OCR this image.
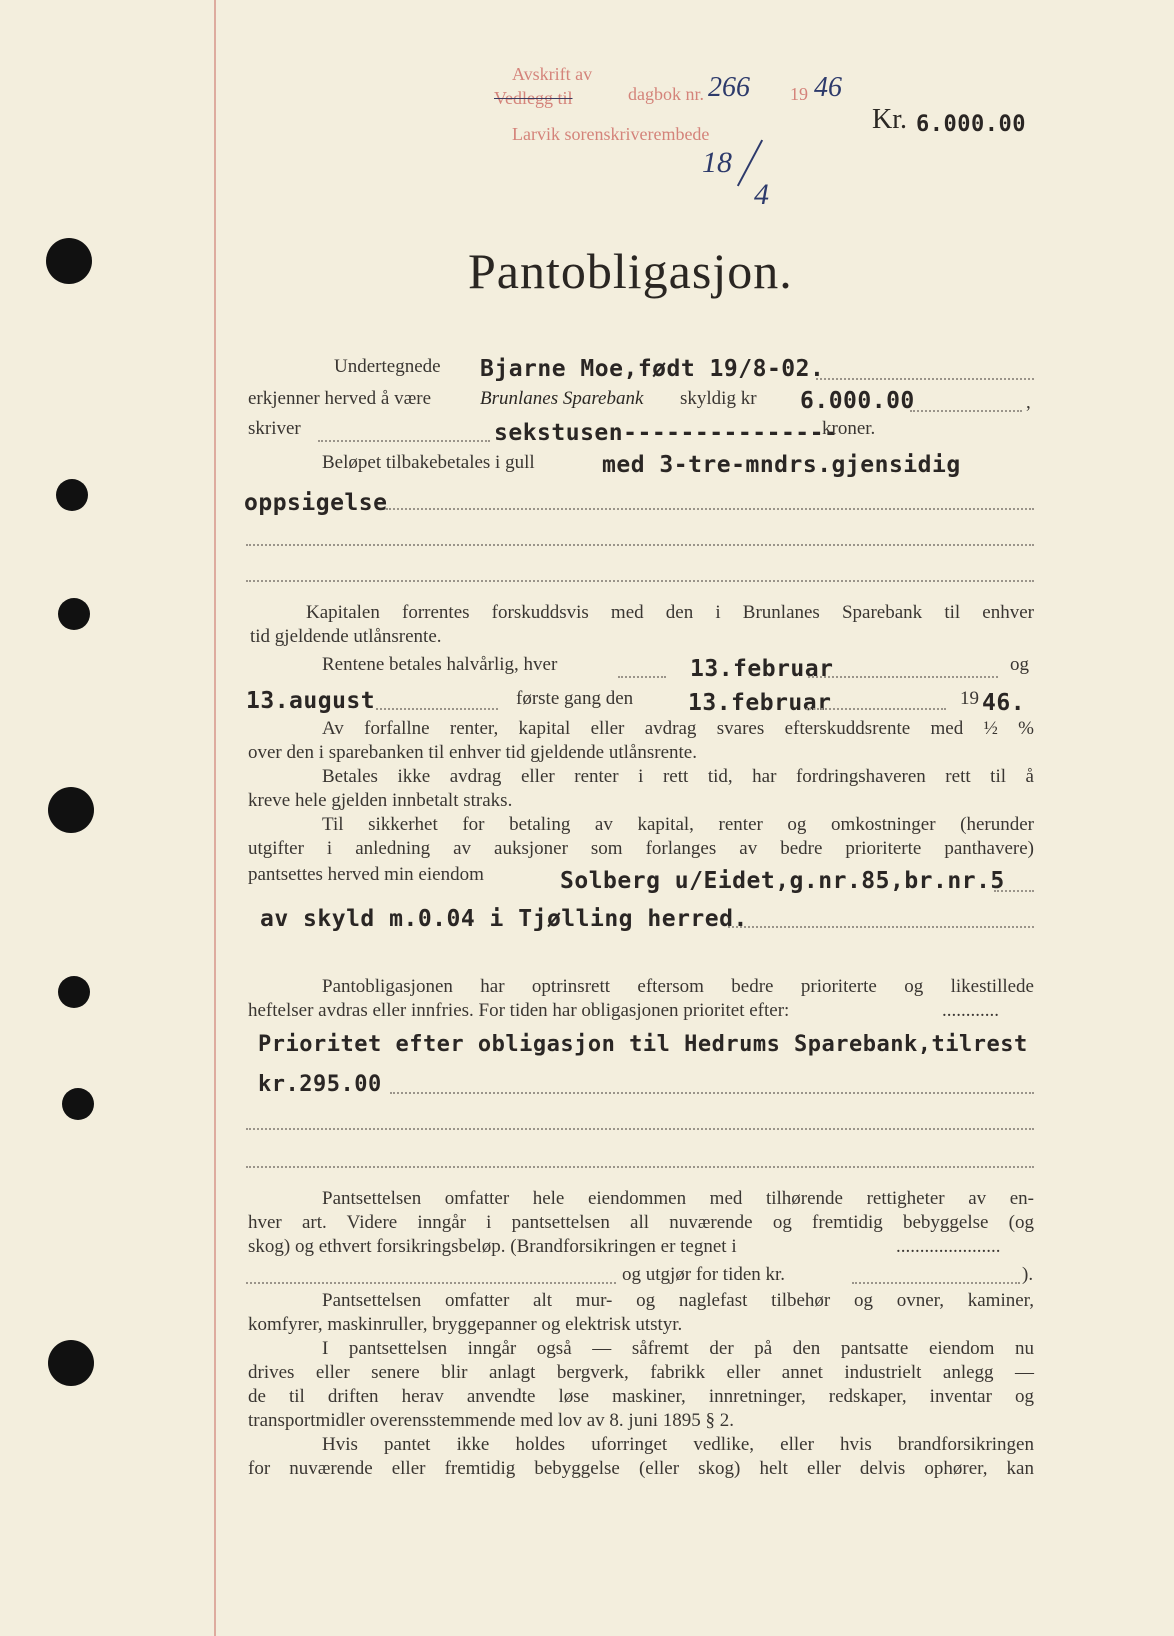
Avskrift av
dagbok nr.
Vedlegg til
Larvik sorenskriverembede
266 19 46
Kr. 6.000.00
18
4
Pantobligasjon.
Undertegnede Bjarne Moe,født 19/8-02.
erkjenner herved å være	Brunlanes Sparebank skyldig kr 6.000.00	,
skriver	sekstusen---------------
kroner.
Beløpet tilbakebetales i gull	med 3-tre-mndrs.gjensidig
oppsigelse
Kapitalen forrentes forskuddsvis med den i Brunlanes Sparebank til enhver
tid gjeldende utlånsrente.
Rentene betales halvårlig, hver	13.februar	og
13.august	første gang den 13.februar	19 46.
Av forfallne renter, kapital eller avdrag svares efterskuddsrente med ½ %
over den i sparebanken til enhver tid gjeldende utlånsrente.
Betales ikke avdrag eller renter i rett tid, har fordringshaveren rett til å
kreve hele gjelden innbetalt straks.
Til sikkerhet for betaling av kapital, renter og omkostninger (herunder
utgifter i anledning av auksjoner som forlanges av bedre prioriterte panthavere)
pantsettes herved min eiendom	Solberg u/Eidet,g.nr.85,br.nr.5
av skyld m.0.04 i Tjølling herred.
Pantobligasjonen har optrinsrett eftersom bedre prioriterte og likestillede
heftelser avdras eller innfries. For tiden har obligasjonen prioritet efter:	............
Prioritet efter obligasjon til Hedrums Sparebank,tilrest
kr.295.00
Pantsettelsen omfatter hele eiendommen med tilhørende rettigheter av en-
hver art. Videre inngår i pantsettelsen all nuværende og fremtidig bebyggelse (og
skog) og ethvert forsikringsbeløp. (Brandforsikringen er tegnet i	......................
og utgjør for tiden kr.	).
Pantsettelsen omfatter alt mur- og naglefast tilbehør og ovner, kaminer,
komfyrer, maskinruller, bryggepanner og elektrisk utstyr.
I pantsettelsen inngår også — såfremt der på den pantsatte eiendom nu
drives eller senere blir anlagt bergverk, fabrikk eller annet industrielt anlegg —
de til driften herav anvendte løse maskiner, innretninger, redskaper, inventar og
transportmidler overensstemmende med lov av 8. juni 1895 § 2.
Hvis pantet ikke holdes uforringet vedlike, eller hvis brandforsikringen
for nuværende eller fremtidig bebyggelse (eller skog) helt eller delvis ophører, kan
